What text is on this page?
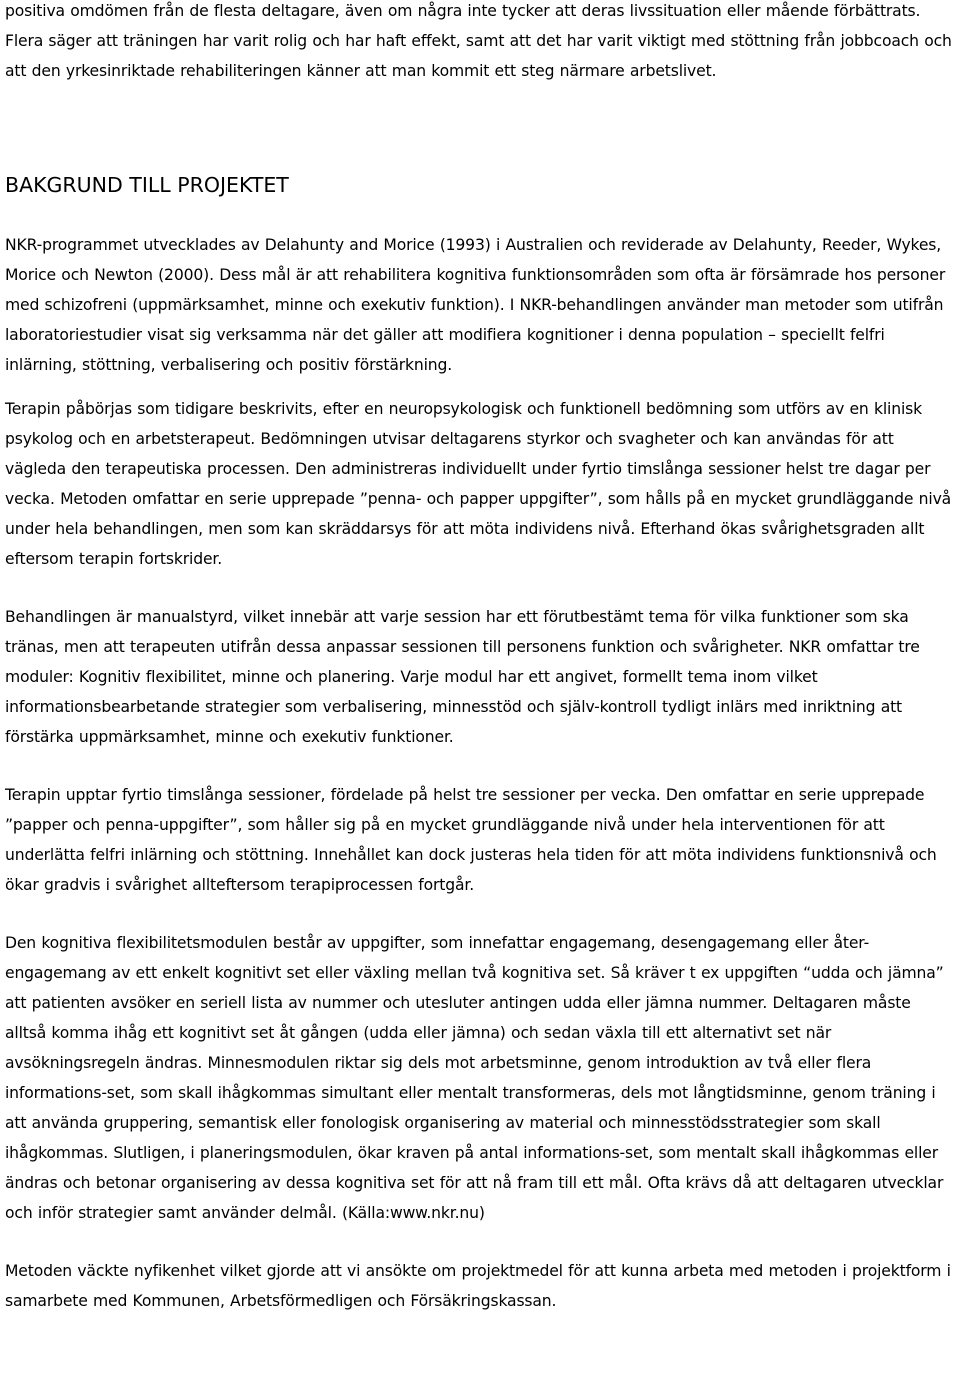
positiva omdömen från de flesta deltagare, även om några inte tycker att deras livssituation eller mående förbättrats. Flera säger att träningen har varit rolig och har haft effekt, samt att det har varit viktigt med stöttning från jobbcoach och att den yrkesinriktade rehabiliteringen känner att man kommit ett steg närmare arbetslivet.

BAKGRUND TILL PROJEKTET

NKR-programmet utvecklades av Delahunty and Morice (1993) i Australien och reviderade av Delahunty, Reeder, Wykes, Morice och Newton (2000). Dess mål är att rehabilitera kognitiva funktionsområden som ofta är försämrade hos personer med schizofreni (uppmärksamhet, minne och exekutiv funktion). I NKR-behandlingen använder man metoder som utifrån laboratoriestudier visat sig verksamma när det gäller att modifiera kognitioner i denna population – speciellt felfri inlärning, stöttning, verbalisering och positiv förstärkning.

Terapin påbörjas som tidigare beskrivits, efter en neuropsykologisk och funktionell bedömning som utförs av en klinisk psykolog och en arbetsterapeut. Bedömningen utvisar deltagarens styrkor och svagheter och kan användas för att vägleda den terapeutiska processen. Den administreras individuellt under fyrtio timslånga sessioner helst tre dagar per vecka. Metoden omfattar en serie upprepade ”penna- och papper uppgifter”, som hålls på en mycket grundläggande nivå under hela behandlingen, men som kan skräddarsys för att möta individens nivå. Efterhand ökas svårighetsgraden allt eftersom terapin fortskrider.

Behandlingen är manualstyrd, vilket innebär att varje session har ett förutbestämt tema för vilka funktioner som ska tränas, men att terapeuten utifrån dessa anpassar sessionen till personens funktion och svårigheter. NKR omfattar tre moduler: Kognitiv flexibilitet, minne och planering. Varje modul har ett angivet, formellt tema inom vilket informationsbearbetande strategier som verbalisering, minnesstöd och själv-kontroll tydligt inlärs med inriktning att förstärka uppmärksamhet, minne och exekutiv funktioner.

Terapin upptar fyrtio timslånga sessioner, fördelade på helst tre sessioner per vecka. Den omfattar en serie upprepade ”papper och penna-uppgifter”, som håller sig på en mycket grundläggande nivå under hela interventionen för att underlätta felfri inlärning och stöttning. Innehållet kan dock justeras hela tiden för att möta individens funktionsnivå och ökar gradvis i svårighet allteftersom terapiprocessen fortgår.

Den kognitiva flexibilitetsmodulen består av uppgifter, som innefattar engagemang, desengagemang eller åter-engagemang av ett enkelt kognitivt set eller växling mellan två kognitiva set. Så kräver t ex uppgiften “udda och jämna” att patienten avsöker en seriell lista av nummer och utesluter antingen udda eller jämna nummer. Deltagaren måste alltså komma ihåg ett kognitivt set åt gången (udda eller jämna) och sedan växla till ett alternativt set när avsökningsregeln ändras. Minnesmodulen riktar sig dels mot arbetsminne, genom introduktion av två eller flera informations-set, som skall ihågkommas simultant eller mentalt transformeras, dels mot långtidsminne, genom träning i att använda gruppering, semantisk eller fonologisk organisering av material och minnesstödsstrategier som skall ihågkommas. Slutligen, i planeringsmodulen, ökar kraven på antal informations-set, som mentalt skall ihågkommas eller ändras och betonar organisering av dessa kognitiva set för att nå fram till ett mål. Ofta krävs då att deltagaren utvecklar och inför strategier samt använder delmål. (Källa:www.nkr.nu)

Metoden väckte nyfikenhet vilket gjorde att vi ansökte om projektmedel för att kunna arbeta med metoden i projektform i samarbete med Kommunen, Arbetsförmedligen och Försäkringskassan.
